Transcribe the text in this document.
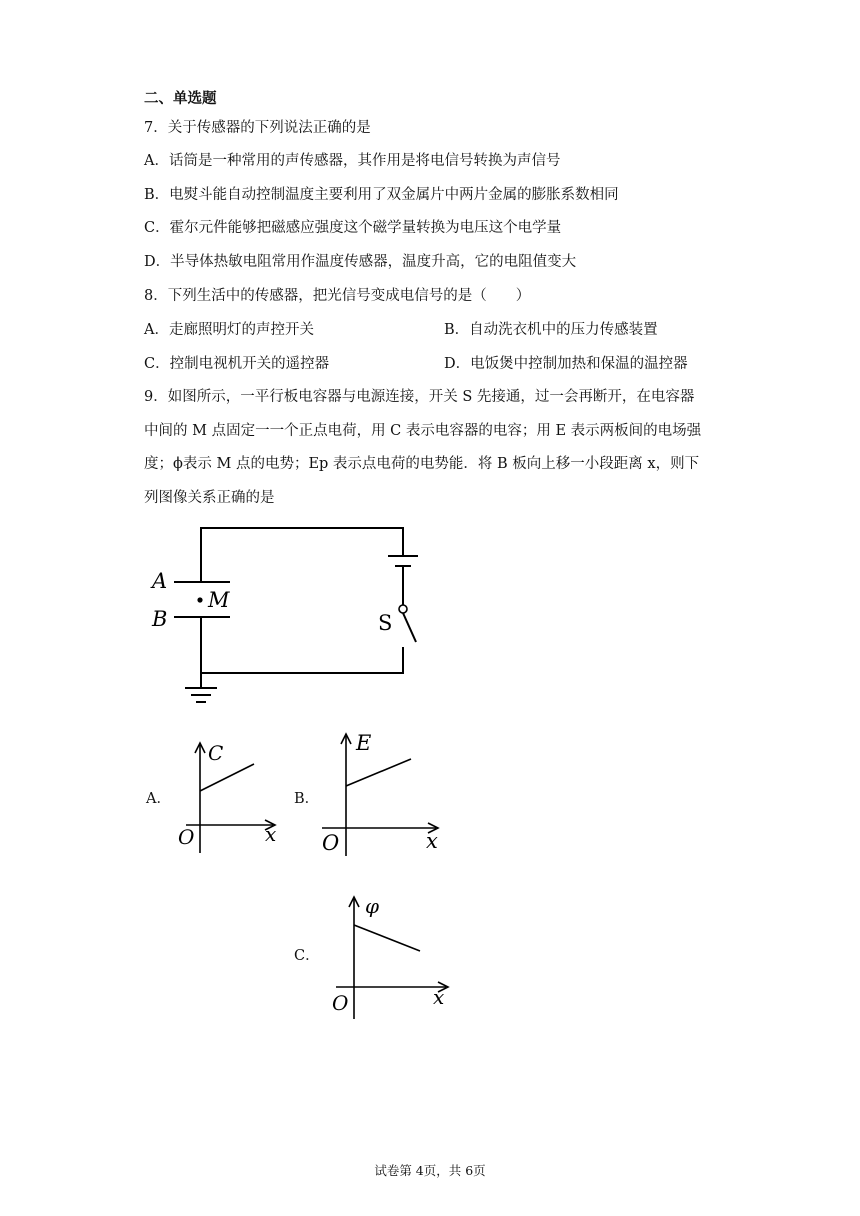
二、单选题
7．关于传感器的下列说法正确的是
A．话筒是一种常用的声传感器，其作用是将电信号转换为声信号
B．电熨斗能自动控制温度主要利用了双金属片中两片金属的膨胀系数相同
C．霍尔元件能够把磁感应强度这个磁学量转换为电压这个电学量
D．半导体热敏电阻常用作温度传感器，温度升高，它的电阻值变大
8．下列生活中的传感器，把光信号变成电信号的是（　　）
A．走廊照明灯的声控开关	B．自动洗衣机中的压力传感装置
C．控制电视机开关的遥控器	D．电饭煲中控制加热和保温的温控器
9．如图所示，一平行板电容器与电源连接，开关 S 先接通，过一会再断开，在电容器
中间的 M 点固定一一个正点电荷，用 C 表示电容器的电容；用 E 表示两板间的电场强
度；ϕ表示 M 点的电势；Ep 表示点电荷的电势能．将 B 板向上移一小段距离 x，则下
列图像关系正确的是
A
B
M
S
A．
C
x
O
B．
E
x
O
C．
φ
x
O
试卷第 4页，共 6页
